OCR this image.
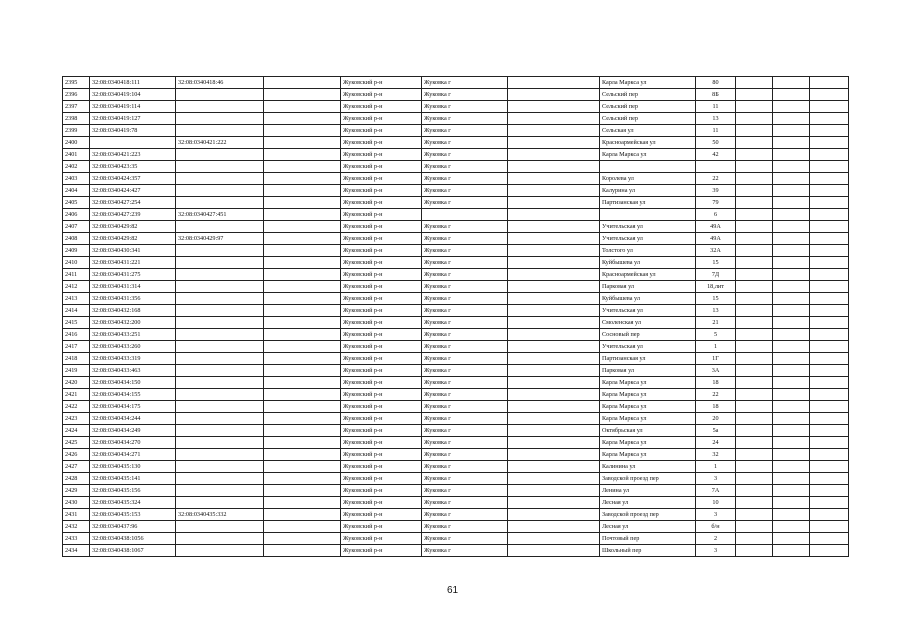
2395	32:08:0340418:111	32:08:0340418:46		Жуковский р-н	Жуковка г		Карла Маркса ул	80			
2396	32:08:0340419:104			Жуковский р-н	Жуковка г		Сельский пер	8Б			
2397	32:08:0340419:114			Жуковский р-н	Жуковка г		Сельский пер	11			
2398	32:08:0340419:127			Жуковский р-н	Жуковка г		Сельский пер	13			
2399	32:08:0340419:78			Жуковский р-н	Жуковка г		Сельская ул	11			
2400		32:08:0340421:222		Жуковский р-н	Жуковка г		Красноармейская ул	50			
2401	32:08:0340421:223			Жуковский р-н	Жуковка г		Карла Маркса ул	42			
2402	32:08:0340423:35			Жуковский р-н	Жуковка г						
2403	32:08:0340424:357			Жуковский р-н	Жуковка г		Королева ул	22			
2404	32:08:0340424:427			Жуковский р-н	Жуковка г		Калурина ул	39			
2405	32:08:0340427:254			Жуковский р-н	Жуковка г		Партизанская ул	79			
2406	32:08:0340427:239	32:08:0340427:451		Жуковский р-н				6			
2407	32:08:0340429:82			Жуковский р-н	Жуковка г		Учительская ул	49А			
2408	32:08:0340429:82	32:08:0340429:97		Жуковский р-н	Жуковка г		Учительская ул	49А			
2409	32:08:0340430:341			Жуковский р-н	Жуковка г		Толстого ул	32А			
2410	32:08:0340431:221			Жуковский р-н	Жуковка г		Куйбышева ул	15			
2411	32:08:0340431:275			Жуковский р-н	Жуковка г		Красноармейская ул	7Д			
2412	32:08:0340431:314			Жуковский р-н	Жуковка г		Парковая ул	18,лит			
2413	32:08:0340431:356			Жуковский р-н	Жуковка г		Куйбышева ул	15			
2414	32:08:0340432:168			Жуковский р-н	Жуковка г		Учительская ул	13			
2415	32:08:0340432:200			Жуковский р-н	Жуковка г		Смоленская ул	21			
2416	32:08:0340433:251			Жуковский р-н	Жуковка г		Сосновый пер	5			
2417	32:08:0340433:260			Жуковский р-н	Жуковка г		Учительская ул	1			
2418	32:08:0340433:319			Жуковский р-н	Жуковка г		Партизанская ул	1Г			
2419	32:08:0340433:463			Жуковский р-н	Жуковка г		Парковая ул	3А			
2420	32:08:0340434:150			Жуковский р-н	Жуковка г		Карла Маркса ул	18			
2421	32:08:0340434:155			Жуковский р-н	Жуковка г		Карла Маркса ул	22			
2422	32:08:0340434:175			Жуковский р-н	Жуковка г		Карла Маркса ул	18			
2423	32:08:0340434:244			Жуковский р-н	Жуковка г		Карла Маркса ул	20			
2424	32:08:0340434:249			Жуковский р-н	Жуковка г		Октябрьская ул	5а			
2425	32:08:0340434:270			Жуковский р-н	Жуковка г		Карла Маркса ул	24			
2426	32:08:0340434:271			Жуковский р-н	Жуковка г		Карла Маркса ул	32			
2427	32:08:0340435:130			Жуковский р-н	Жуковка г		Калинина ул	1			
2428	32:08:0340435:141			Жуковский р-н	Жуковка г		Заводской проезд пер	3			
2429	32:08:0340435:156			Жуковский р-н	Жуковка г		Ленина ул	7А			
2430	32:08:0340435:324			Жуковский р-н	Жуковка г		Лесная ул	10			
2431	32:08:0340435:153	32:08:0340435:332		Жуковский р-н	Жуковка г		Заводской проезд пер	3			
2432	32:08:0340437:96			Жуковский р-н	Жуковка г		Лесная ул	б/н			
2433	32:08:0340438:1056			Жуковский р-н	Жуковка г		Почтовый пер	2			
2434	32:08:0340438:1067			Жуковский р-н	Жуковка г		Школьный пер	3			
61
